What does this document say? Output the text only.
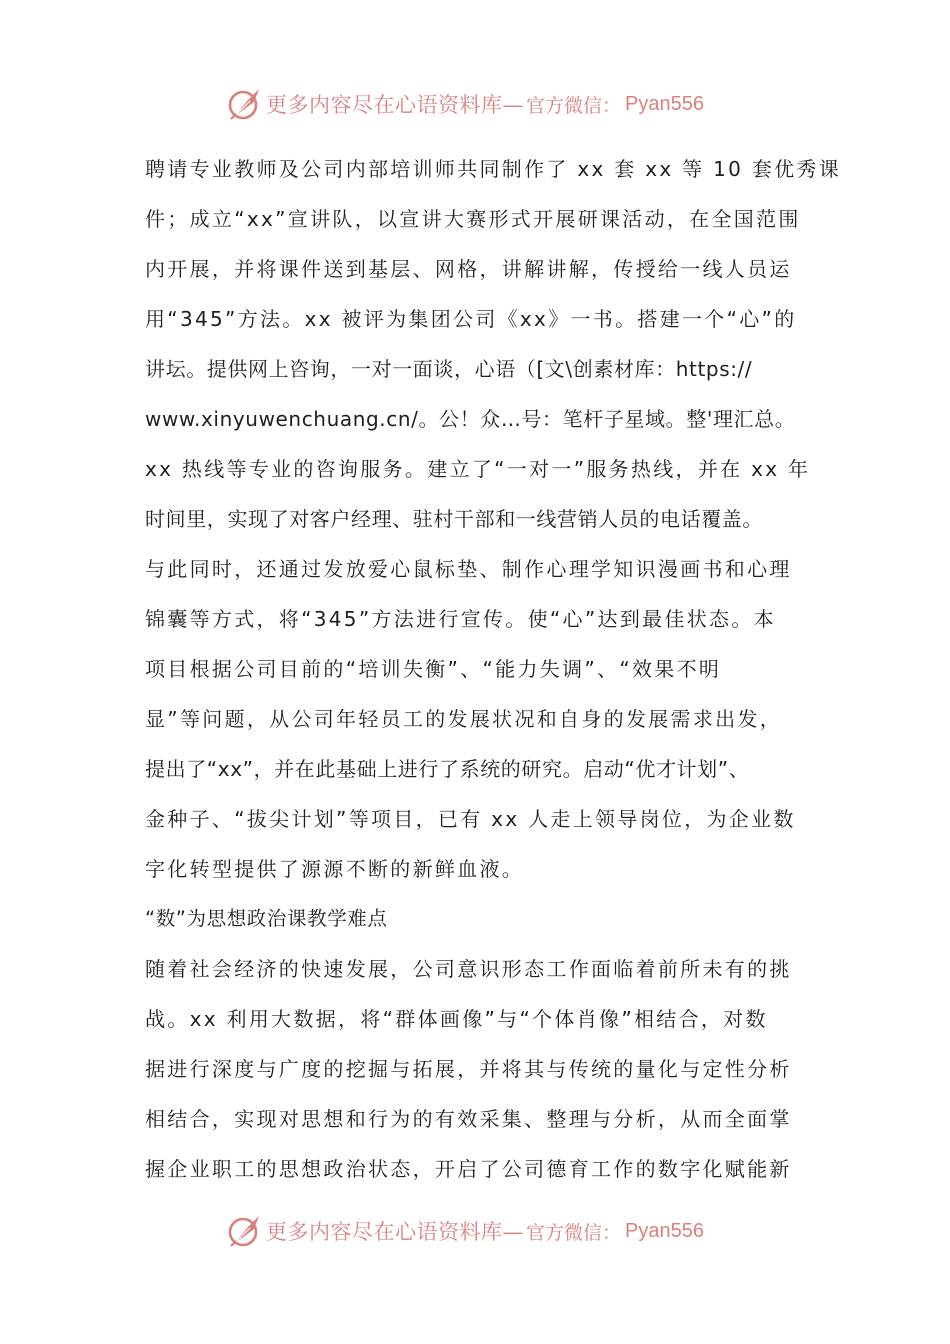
更多内容尽在心语资料库— 官方微信： Pyan556
聘请专业教师及公司内部培训师共同制作了 xx 套 xx 等 10 套优秀课
件；成立“xx”宣讲队，以宣讲大赛形式开展研课活动，在全国范围
内开展，并将课件送到基层、网格，讲解讲解，传授给一线人员运
用“345”方法。xx 被评为集团公司《xx》一书。搭建一个“心”的
讲坛。提供网上咨询，一对一面谈，心语（[文\创素材库：https://
www.xinyuwenchuang.cn/。公！众…号：笔杆子星域。整'理汇总。
xx 热线等专业的咨询服务。建立了“一对一”服务热线，并在 xx 年
时间里，实现了对客户经理、驻村干部和一线营销人员的电话覆盖。
与此同时，还通过发放爱心鼠标垫、制作心理学知识漫画书和心理
锦囊等方式，将“345”方法进行宣传。使“心”达到最佳状态。本
项目根据公司目前的“培训失衡”、“能力失调”、“效果不明
显”等问题，从公司年轻员工的发展状况和自身的发展需求出发，
提出了“xx”，并在此基础上进行了系统的研究。启动“优才计划”、
金种子、“拔尖计划”等项目，已有 xx 人走上领导岗位，为企业数
字化转型提供了源源不断的新鲜血液。
“数”为思想政治课教学难点
随着社会经济的快速发展，公司意识形态工作面临着前所未有的挑
战。xx 利用大数据，将“群体画像”与“个体肖像”相结合，对数
据进行深度与广度的挖掘与拓展，并将其与传统的量化与定性分析
相结合，实现对思想和行为的有效采集、整理与分析，从而全面掌
握企业职工的思想政治状态，开启了公司德育工作的数字化赋能新
更多内容尽在心语资料库— 官方微信： Pyan556
